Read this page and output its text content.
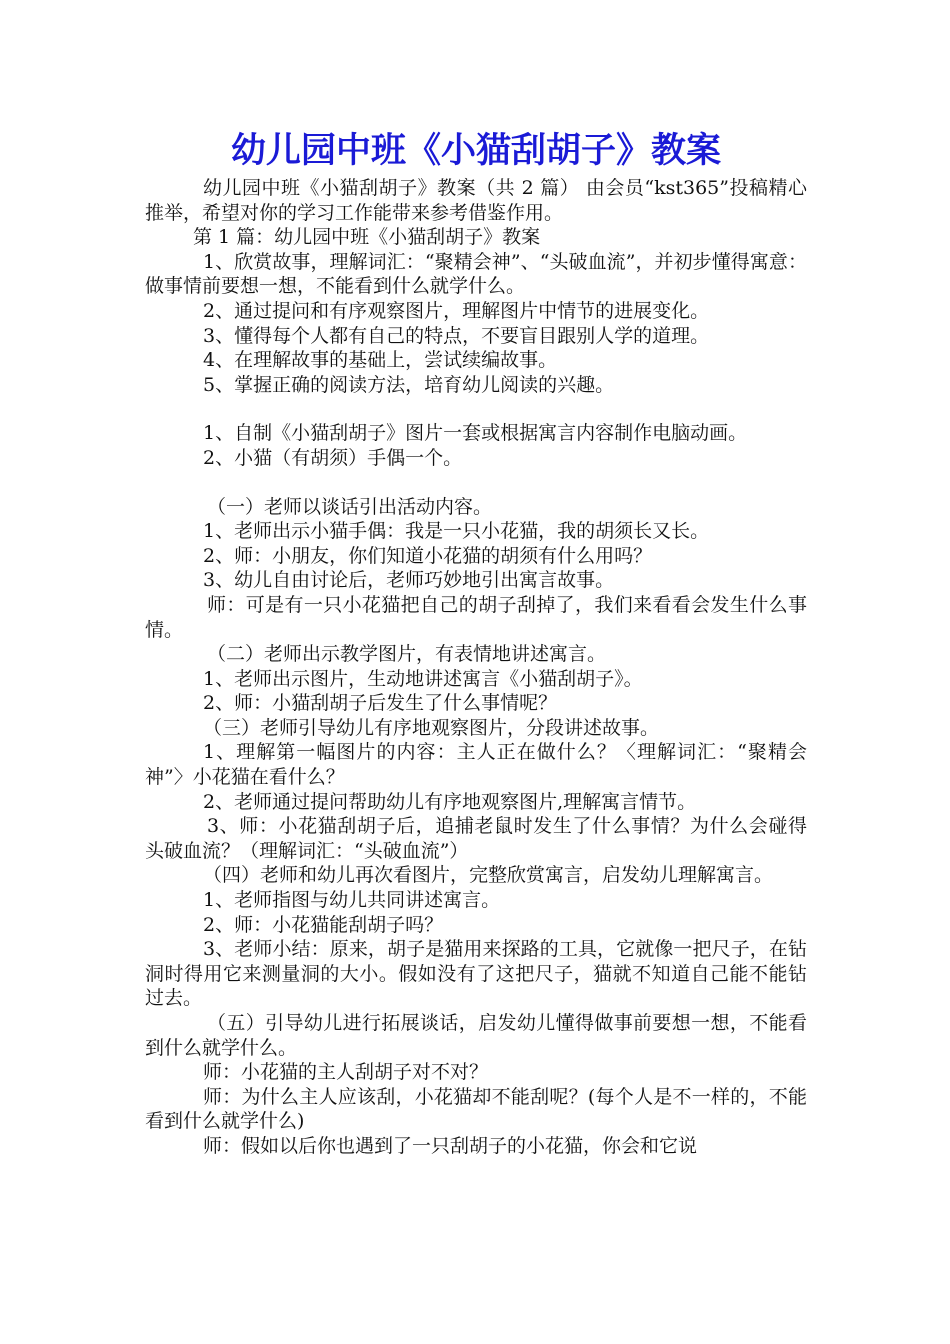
幼儿园中班《小猫刮胡子》教案

幼儿园中班《小猫刮胡子》教案（共 2 篇） 由会员“kst365”投稿精心推举，希望对你的学习工作能带来参考借鉴作用。

第 1 篇：幼儿园中班《小猫刮胡子》教案

1、欣赏故事，理解词汇：“聚精会神”、“头破血流”，并初步懂得寓意：做事情前要想一想，不能看到什么就学什么。

2、通过提问和有序观察图片，理解图片中情节的进展变化。

3、懂得每个人都有自己的特点，不要盲目跟别人学的道理。

4、在理解故事的基础上，尝试续编故事。

5、掌握正确的阅读方法，培育幼儿阅读的兴趣。

1、自制《小猫刮胡子》图片一套或根据寓言内容制作电脑动画。

2、小猫（有胡须）手偶一个。

（一）老师以谈话引出活动内容。

1、老师出示小猫手偶：我是一只小花猫，我的胡须长又长。

2、师：小朋友，你们知道小花猫的胡须有什么用吗？

3、幼儿自由讨论后，老师巧妙地引出寓言故事。

师：可是有一只小花猫把自己的胡子刮掉了，我们来看看会发生什么事情。

（二）老师出示教学图片，有表情地讲述寓言。

1、老师出示图片，生动地讲述寓言《小猫刮胡子》。

2、师：小猫刮胡子后发生了什么事情呢？

（三）老师引导幼儿有序地观察图片，分段讲述故事。

1、理解第一幅图片的内容：主人正在做什么？〈理解词汇：“聚精会神”〉小花猫在看什么？

2、老师通过提问帮助幼儿有序地观察图片,理解寓言情节。

3、师：小花猫刮胡子后，追捕老鼠时发生了什么事情？为什么会碰得头破血流？（理解词汇：“头破血流”）

（四）老师和幼儿再次看图片，完整欣赏寓言，启发幼儿理解寓言。

1、老师指图与幼儿共同讲述寓言。

2、师：小花猫能刮胡子吗？

3、老师小结：原来，胡子是猫用来探路的工具，它就像一把尺子，在钻洞时得用它来测量洞的大小。假如没有了这把尺子，猫就不知道自己能不能钻过去。

（五）引导幼儿进行拓展谈话，启发幼儿懂得做事前要想一想，不能看到什么就学什么。

师：小花猫的主人刮胡子对不对？

师：为什么主人应该刮，小花猫却不能刮呢？(每个人是不一样的，不能看到什么就学什么)

师：假如以后你也遇到了一只刮胡子的小花猫，你会和它说
